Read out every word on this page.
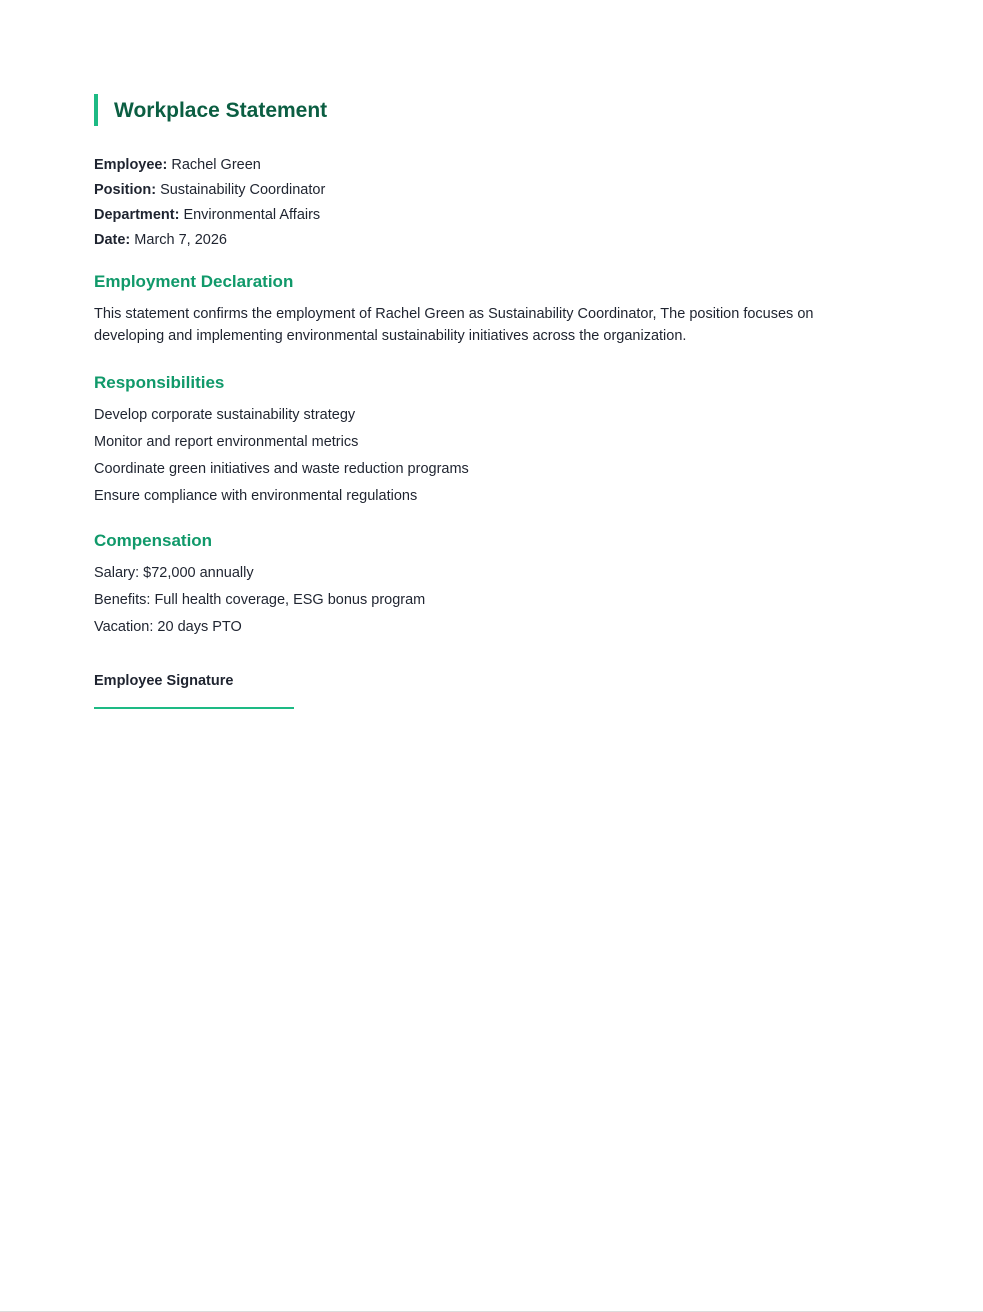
Workplace Statement
Employee: Rachel Green
Position: Sustainability Coordinator
Department: Environmental Affairs
Date: March 7, 2026
Employment Declaration

This statement confirms the employment of Rachel Green as Sustainability Coordinator, The position focuses on developing and implementing environmental sustainability initiatives across the organization.

Responsibilities
Develop corporate sustainability strategy
Monitor and report environmental metrics
Coordinate green initiatives and waste reduction programs
Ensure compliance with environmental regulations
Compensation
Salary: $72,000 annually
Benefits: Full health coverage, ESG bonus program
Vacation: 20 days PTO
Employee Signature
